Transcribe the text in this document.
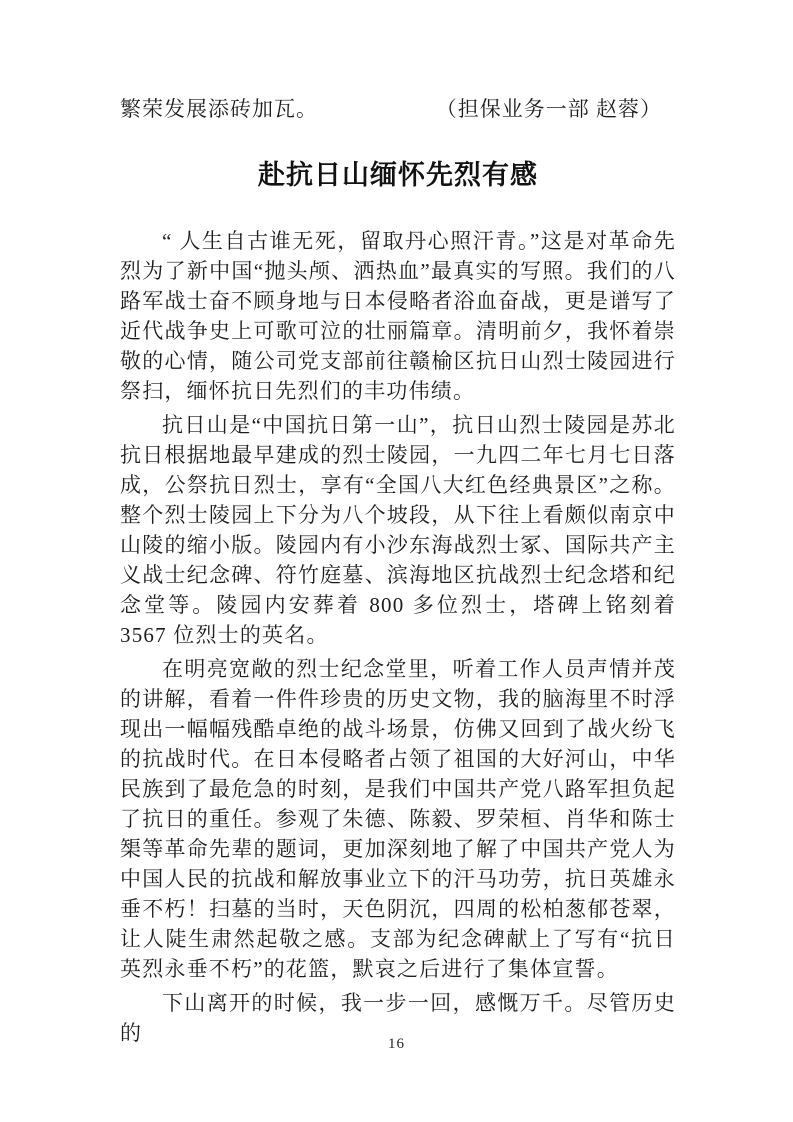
繁荣发展添砖加瓦。	（担保业务一部 赵蓉）
赴抗日山缅怀先烈有感

“ 人生自古谁无死，留取丹心照汗青。”这是对革命先烈为了新中国“抛头颅、洒热血”最真实的写照。我们的八路军战士奋不顾身地与日本侵略者浴血奋战，更是谱写了近代战争史上可歌可泣的壮丽篇章。清明前夕，我怀着崇敬的心情，随公司党支部前往赣榆区抗日山烈士陵园进行祭扫，缅怀抗日先烈们的丰功伟绩。

抗日山是“中国抗日第一山”，抗日山烈士陵园是苏北抗日根据地最早建成的烈士陵园，一九四二年七月七日落成，公祭抗日烈士，享有“全国八大红色经典景区”之称。整个烈士陵园上下分为八个坡段，从下往上看颇似南京中山陵的缩小版。陵园内有小沙东海战烈士冢、国际共产主义战士纪念碑、符竹庭墓、滨海地区抗战烈士纪念塔和纪念堂等。陵园内安葬着 800 多位烈士，塔碑上铭刻着 3567 位烈士的英名。

在明亮宽敞的烈士纪念堂里，听着工作人员声情并茂的讲解，看着一件件珍贵的历史文物，我的脑海里不时浮现出一幅幅残酷卓绝的战斗场景，仿佛又回到了战火纷飞的抗战时代。在日本侵略者占领了祖国的大好河山，中华民族到了最危急的时刻，是我们中国共产党八路军担负起了抗日的重任。参观了朱德、陈毅、罗荣桓、肖华和陈士榘等革命先辈的题词，更加深刻地了解了中国共产党人为中国人民的抗战和解放事业立下的汗马功劳，抗日英雄永垂不朽！扫墓的当时，天色阴沉，四周的松柏葱郁苍翠，让人陡生肃然起敬之感。支部为纪念碑献上了写有“抗日英烈永垂不朽”的花篮，默哀之后进行了集体宣誓。

下山离开的时候，我一步一回，感慨万千。尽管历史的	16
